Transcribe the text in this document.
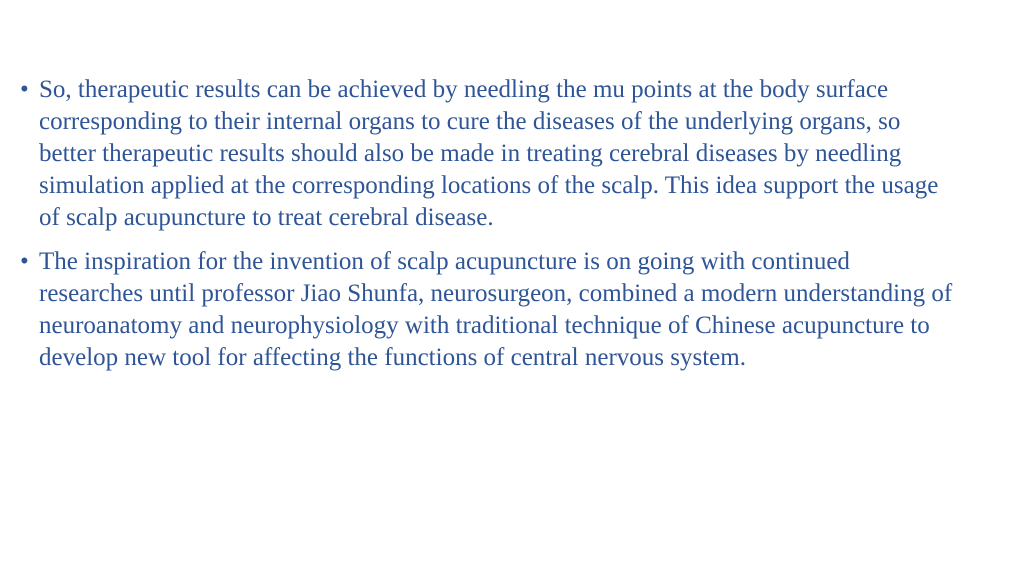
• So, therapeutic results can be achieved by needling the mu points at the body surface corresponding to their internal organs to cure the diseases of the underlying organs, so better therapeutic results should also be made in treating cerebral diseases by needling simulation applied at the corresponding locations of the scalp. This idea support the usage of scalp acupuncture to treat cerebral disease.
• The inspiration for the invention of scalp acupuncture is on going with continued researches until professor Jiao Shunfa, neurosurgeon, combined a modern understanding of neuroanatomy and neurophysiology with traditional technique of Chinese acupuncture to develop new tool for affecting the functions of central nervous system.
